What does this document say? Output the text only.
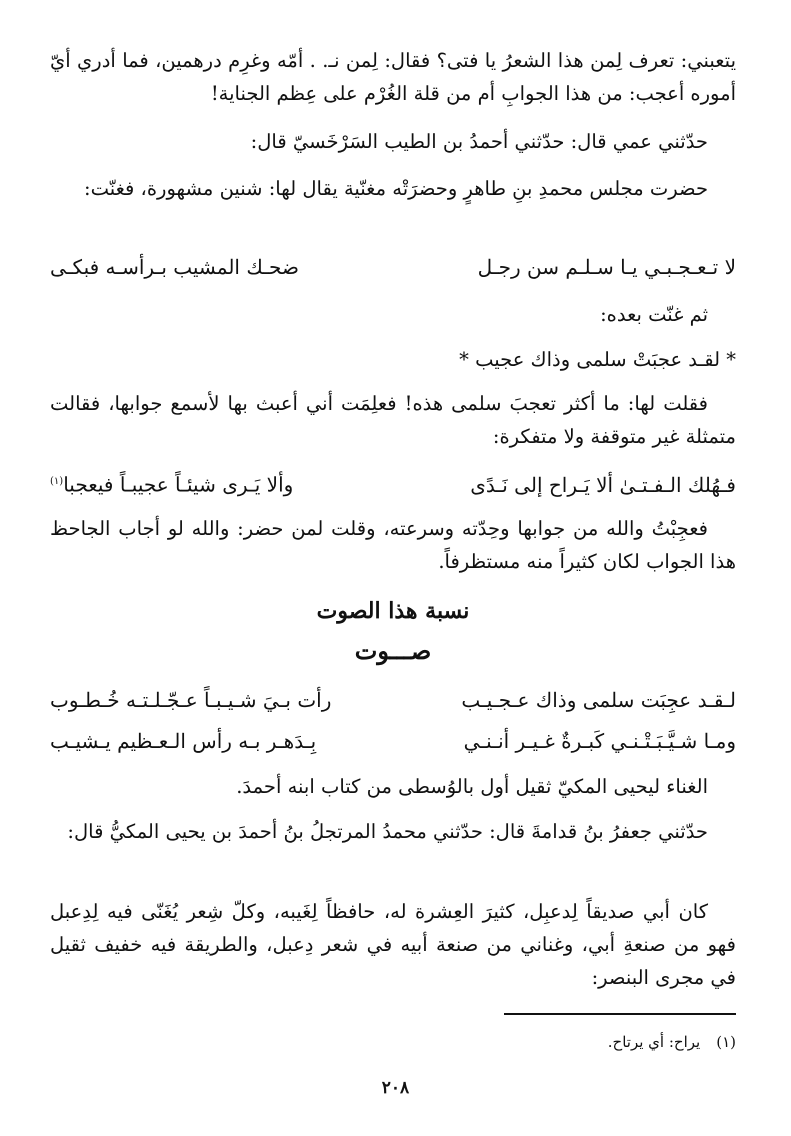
يتعبني: تعرف لِمن هذا الشعرُ يا فتى؟ فقال: لِمن نـ. . أمّه وغرِم درهمين، فما أدري أيّ أموره أعجب: من هذا الجوابِ أم من قلة الغُرْم على عِظم الجناية!

حدّثني عمي قال: حدّثني أحمدُ بن الطيب السَرْخَسيّ قال:

حضرت مجلس محمدِ بنِ طاهرٍ وحضرَتْه مغنّية يقال لها: شنين مشهورة، فغنّت:

لا تـعـجـبـي يـا سـلـم سن رجـل
ضحـك المشيب بـرأسـه فبكـى

ثم غنّت بعده:

* لقـد عجبَتْ سلمى وذاك عجيب *

فقلت لها: ما أكثر تعجبَ سلمى هذه! فعلِمَت أني أعبث بها لأسمع جوابها، فقالت متمثلة غير متوقفة ولا متفكرة:

فـهُلك الـفـتـىٰ ألا يَـراح إلى نَـدًى
وألا يَـرى شيئـاً عجيبـاً فيعجبا$^{(١)}$

فعجِبْتُ والله من جوابها وحِدّته وسرعته، وقلت لمن حضر: والله لو أجاب الجاحظ هذا الجواب لكان كثيراً منه مستظرفاً.

نسبة هذا الصوت
صـــوت
لـقـد عجِبَت سلمى وذاك عـجـيـب
رأت بـيَ شـيـبـاً عـجّـلـتـه خُـطـوب
ومـا شـيَّـبَـتْـنـي كَبـرةٌ غـيـر أنـنـي
بِـدَهـر بـه رأس الـعـظيم يـشيـب

الغناء ليحيى المكيّ ثقيل أول بالوُسطى من كتاب ابنه أحمدَ.

حدّثني جعفرُ بنُ قدامةَ قال: حدّثني محمدُ المرتجلُ بنُ أحمدَ بن يحيى المكيُّ قال:

كان أبي صديقاً لِدعبِل، كثيرَ العِشرة له، حافظاً لِغَيبه، وكلّ شِعر يُغَنّى فيه لِدِعبل فهو من صنعةِ أبي، وغناني من صنعة أبيه في شعر دِعبل، والطريقة فيه خفيف ثقيل في مجرى البنصر:

(١)
يراح: أي يرتاح.
٢٠٨
